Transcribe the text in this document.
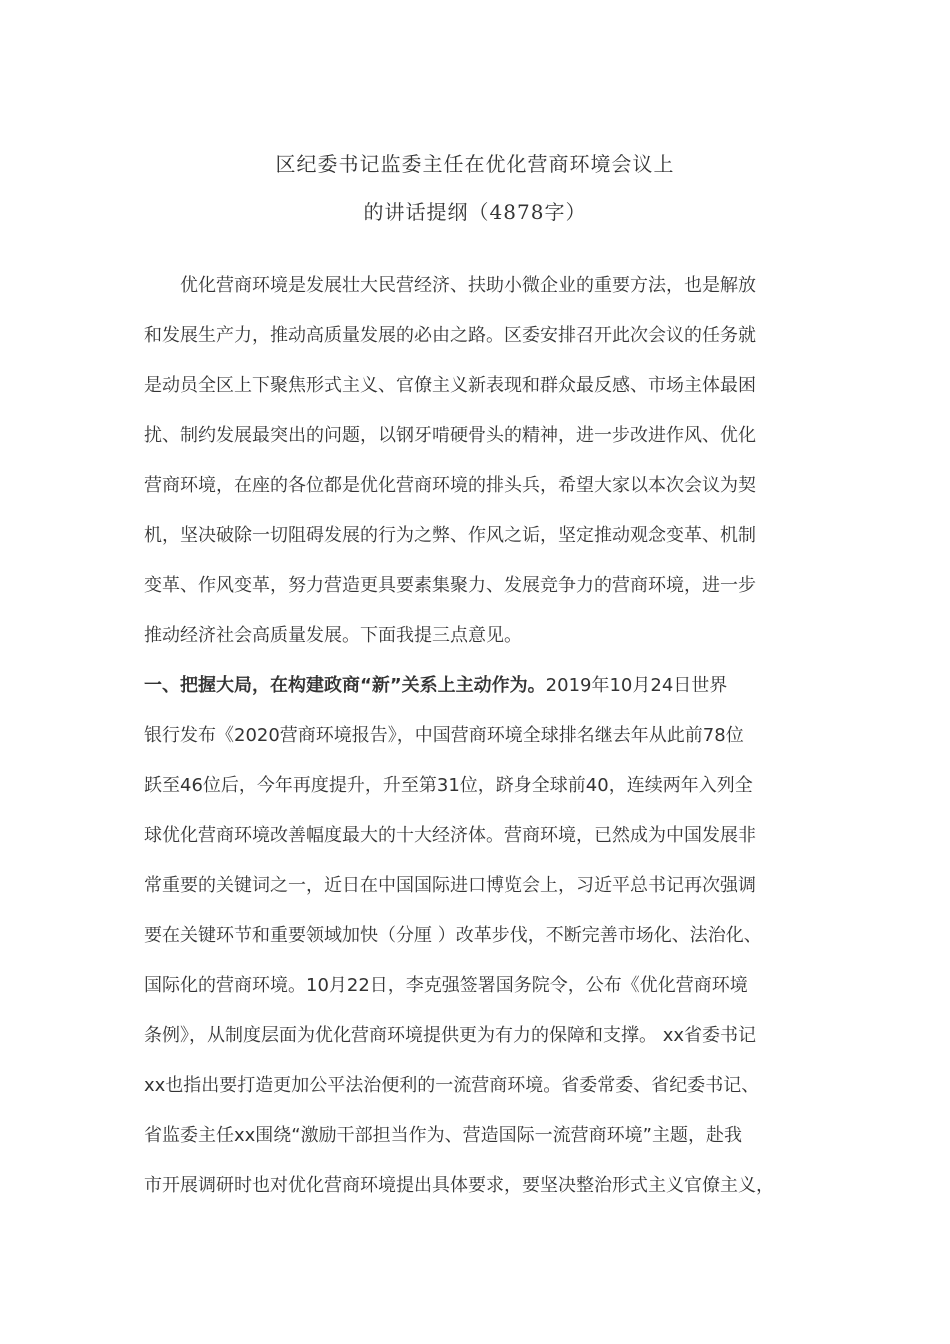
区纪委书记监委主任在优化营商环境会议上
的讲话提纲（4878字）

　　优化营商环境是发展壮大民营经济、扶助小微企业的重要方法，也是解放

和发展生产力，推动高质量发展的必由之路。区委安排召开此次会议的任务就

是动员全区上下聚焦形式主义、官僚主义新表现和群众最反感、市场主体最困

扰、制约发展最突出的问题，以钢牙啃硬骨头的精神，进一步改进作风、优化

营商环境，在座的各位都是优化营商环境的排头兵，希望大家以本次会议为契

机，坚决破除一切阻碍发展的行为之弊、作风之诟，坚定推动观念变革、机制

变革、作风变革，努力营造更具要素集聚力、发展竞争力的营商环境，进一步

推动经济社会高质量发展。下面我提三点意见。

一、把握大局，在构建政商“新”关系上主动作为。2019年10月24日世界

银行发布《2020营商环境报告》，中国营商环境全球排名继去年从此前78位

跃至46位后，今年再度提升，升至第31位，跻身全球前40，连续两年入列全

球优化营商环境改善幅度最大的十大经济体。营商环境，已然成为中国发展非

常重要的关键词之一，近日在中国国际进口博览会上，习近平总书记再次强调

要在关键环节和重要领域加快（分厘 ）改革步伐，不断完善市场化、法治化、

国际化的营商环境。10月22日，李克强签署国务院令，公布《优化营商环境

条例》，从制度层面为优化营商环境提供更为有力的保障和支撑。 xx省委书记

xx也指出要打造更加公平法治便利的一流营商环境。省委常委、省纪委书记、

省监委主任xx围绕“激励干部担当作为、营造国际一流营商环境”主题，赴我

市开展调研时也对优化营商环境提出具体要求，要坚决整治形式主义官僚主义，
